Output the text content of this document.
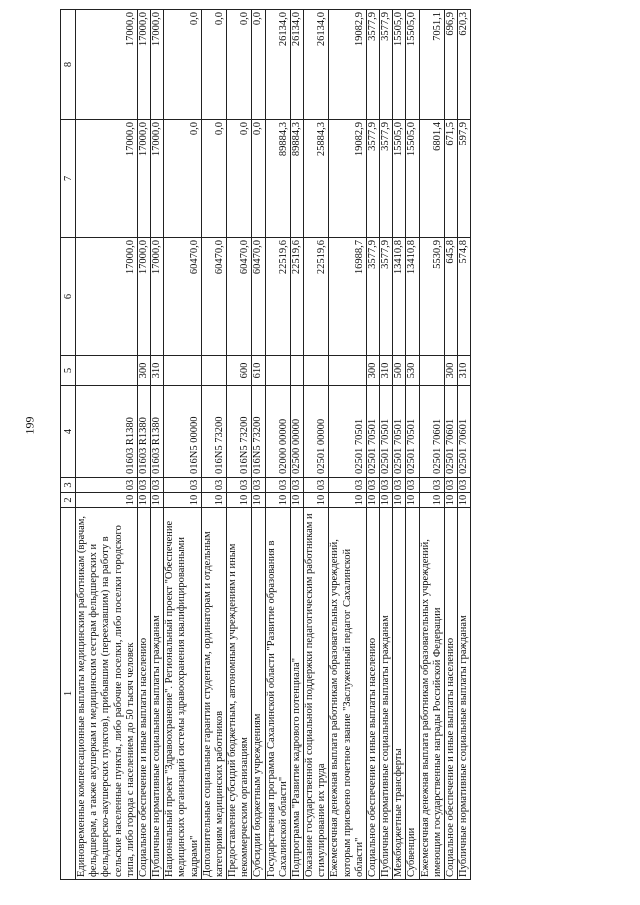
199
1	2	3	4	5	6	7	8
Единовременные компенсационные выплаты медицинским работникам (врачам, фельдшерам, а также акушеркам и медицинским сестрам фельдшерских и фельдшерско-акушерских пунктов), прибывшим (переехавшим) на работу в сельские населенные пункты, либо рабочие поселки, либо поселки городского типа, либо города с населением до 50 тысяч человек	10	03	01603 R1380		17000,0	17000,0	17000,0
Социальное обеспечение и иные выплаты населению	10	03	01603 R1380	300	17000,0	17000,0	17000,0
Публичные нормативные социальные выплаты гражданам	10	03	01603 R1380	310	17000,0	17000,0	17000,0
Национальный проект "Здравоохранение". Региональный проект "Обеспечение медицинских организаций системы здравоохранения квалифицированными кадрами"	10	03	016N5 00000		60470,0	0,0	0,0
Дополнительные социальные гарантии студентам, ординаторам и отдельным категориям медицинских работников	10	03	016N5 73200		60470,0	0,0	0,0
Предоставление субсидий бюджетным, автономным учреждениям и иным некоммерческим организациям	10	03	016N5 73200	600	60470,0	0,0	0,0
Субсидии бюджетным учреждениям	10	03	016N5 73200	610	60470,0	0,0	0,0
Государственная программа Сахалинской области "Развитие образования в Сахалинской области"	10	03	02000 00000		22519,6	89884,3	26134,0
Подпрограмма "Развитие кадрового потенциала"	10	03	02500 00000		22519,6	89884,3	26134,0
Оказание государственной социальной поддержки педагогическим работникам и стимулирование их труда	10	03	02501 00000		22519,6	25884,3	26134,0
Ежемесячная денежная выплата работникам образовательных учреждений, которым присвоено почетное звание "Заслуженный педагог Сахалинской области"	10	03	02501 70501		16988,7	19082,9	19082,9
Социальное обеспечение и иные выплаты населению	10	03	02501 70501	300	3577,9	3577,9	3577,9
Публичные нормативные социальные выплаты гражданам	10	03	02501 70501	310	3577,9	3577,9	3577,9
Межбюджетные трансферты	10	03	02501 70501	500	13410,8	15505,0	15505,0
Субвенции	10	03	02501 70501	530	13410,8	15505,0	15505,0
Ежемесячная денежная выплата работникам образовательных учреждений, имеющим государственные награды Российской Федерации	10	03	02501 70601		5530,9	6801,4	7051,1
Социальное обеспечение и иные выплаты населению	10	03	02501 70601	300	645,8	671,5	696,9
Публичные нормативные социальные выплаты гражданам	10	03	02501 70601	310	574,8	597,9	620,3
